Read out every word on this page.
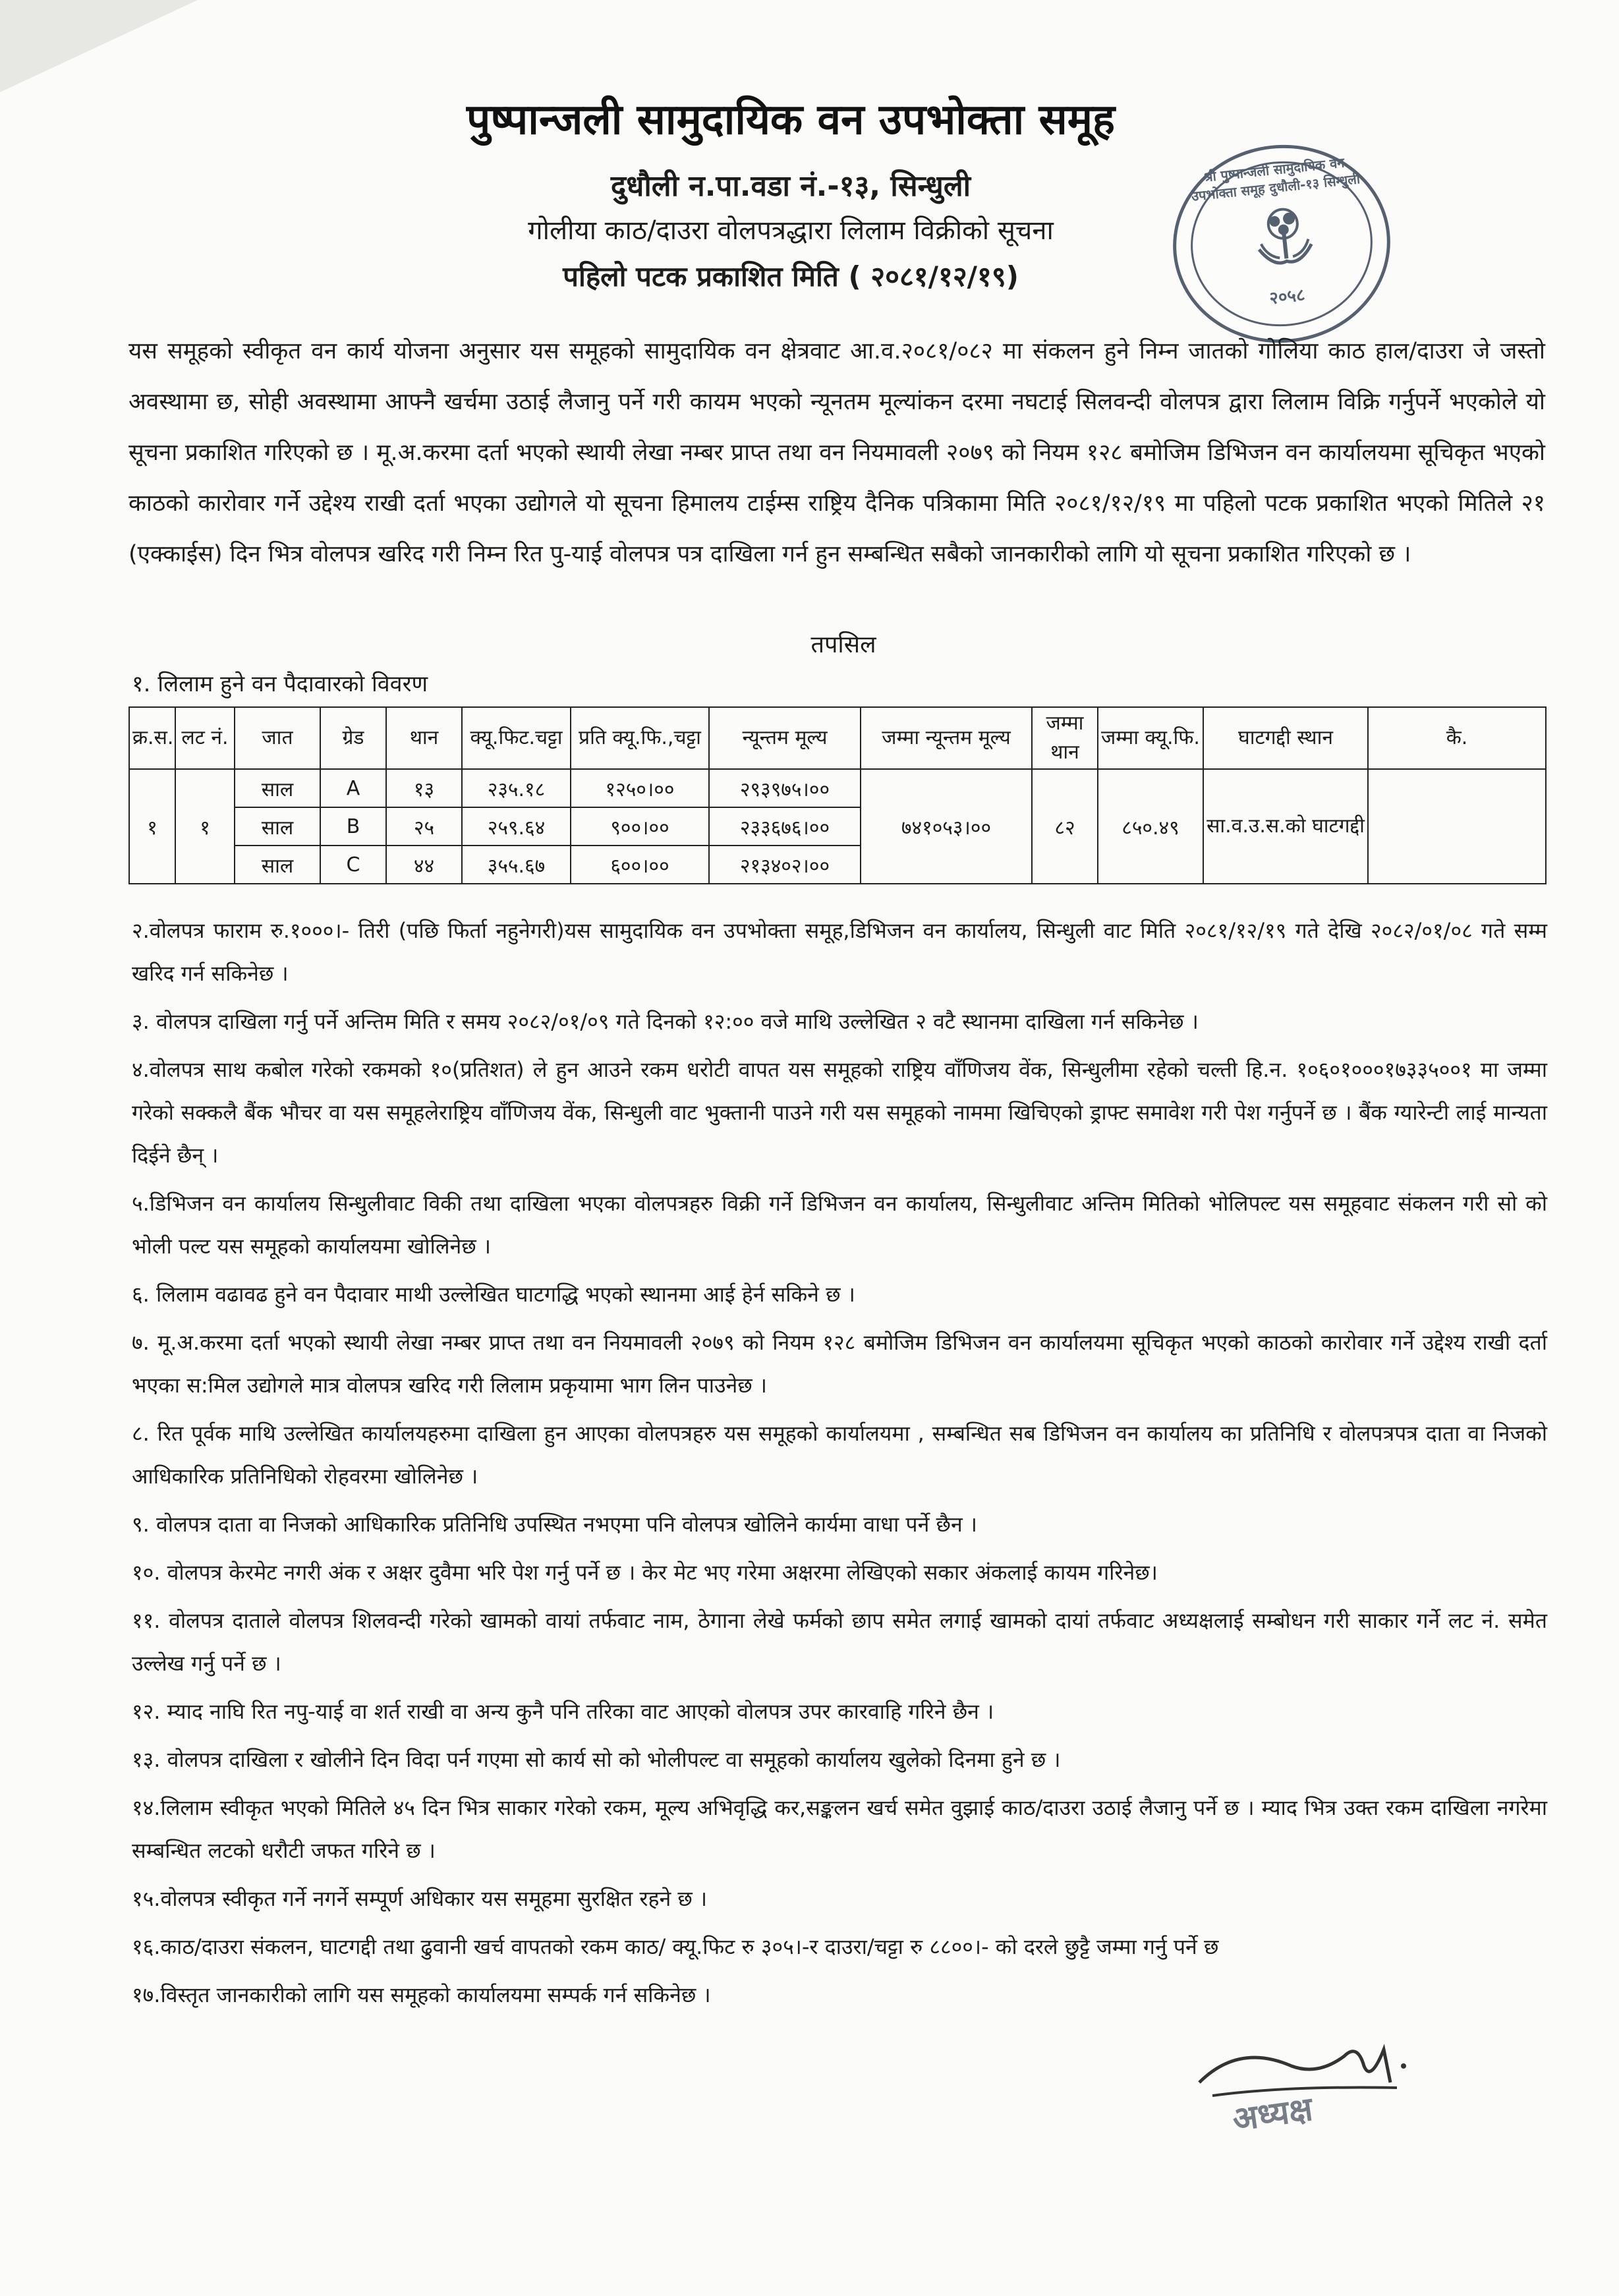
पुष्पान्जली सामुदायिक वन उपभोक्ता समूह
दुधौली न.पा.वडा नं.-१३, सिन्धुली
गोलीया काठ/दाउरा वोलपत्रद्धारा लिलाम विक्रीको सूचना
पहिलो पटक प्रकाशित मिति ( २०८१/१२/१९)
श्री पुष्पान्जली सामुदायिक वन उपभोक्ता समूह दुधौली-१३ सिन्धुली
२०५८

यस समूहको स्वीकृत वन कार्य योजना अनुसार यस समूहको सामुदायिक वन क्षेत्रवाट आ.व.२०८१/०८२ मा संकलन हुने निम्न जातको गोलिया काठ हाल/दाउरा जे जस्तो अवस्थामा छ, सोही अवस्थामा आफ्नै खर्चमा उठाई लैजानु पर्ने गरी कायम भएको न्यूनतम मूल्यांकन दरमा नघटाई सिलवन्दी वोलपत्र द्वारा लिलाम विक्रि गर्नुपर्ने भएकोले यो सूचना प्रकाशित गरिएको छ । मू.अ.करमा दर्ता भएको स्थायी लेखा नम्बर प्राप्त तथा वन नियमावली २०७९ को नियम १२८ बमोजिम डिभिजन वन कार्यालयमा सूचिकृत भएको काठको कारोवार गर्ने उद्देश्य राखी दर्ता भएका उद्योगले यो सूचना हिमालय टाईम्स राष्ट्रिय दैनिक पत्रिकामा मिति २०८१/१२/१९ मा पहिलो पटक प्रकाशित भएको मितिले २१ (एक्काईस) दिन भित्र वोलपत्र खरिद गरी निम्न रित पु-याई वोलपत्र पत्र दाखिला गर्न हुन सम्बन्धित सबैको जानकारीको लागि यो सूचना प्रकाशित गरिएको छ ।

तपसिल
१. लिलाम हुने वन पैदावारको विवरण
क्र.स.	लट नं.	जात	ग्रेड	थान	क्यू.फिट.चट्टा	प्रति क्यू.फि.,चट्टा	न्यून्तम मूल्य	जम्मा न्यून्तम मूल्य	जम्मा थान	जम्मा क्यू.फि.	घाटगद्दी स्थान	कै.
१	१	साल	A	१३	२३५.१८	१२५०।००	२९३९७५।००	७४१०५३।००	८२	८५०.४९	सा.व.उ.स.को घाटगद्दी	
		साल	B	२५	२५९.६४	९००।००	२३३६७६।००					
		साल	C	४४	३५५.६७	६००।००	२१३४०२।००					

२.वोलपत्र फाराम रु.१०००।- तिरी (पछि फिर्ता नहुनेगरी)यस सामुदायिक वन उपभोक्ता समूह,डिभिजन वन कार्यालय, सिन्धुली वाट मिति २०८१/१२/१९ गते देखि २०८२/०१/०८ गते सम्म खरिद गर्न सकिनेछ ।

३. वोलपत्र दाखिला गर्नु पर्ने अन्तिम मिति र समय २०८२/०१/०९ गते दिनको १२:०० वजे माथि उल्लेखित २ वटै स्थानमा दाखिला गर्न सकिनेछ ।

४.वोलपत्र साथ कबोल गरेको रकमको १०(प्रतिशत) ले हुन आउने रकम धरोटी वापत यस समूहको राष्ट्रिय वाँणिजय वेंक, सिन्धुलीमा रहेको चल्ती हि.न. १०६०१०००१७३३५००१ मा जम्मा गरेको सक्कलै बैंक भौचर वा यस समूहलेराष्ट्रिय वाँणिजय वेंक, सिन्धुली वाट भुक्तानी पाउने गरी यस समूहको नाममा खिचिएको ड्राफ्ट समावेश गरी पेश गर्नुपर्ने छ । बैंक ग्यारेन्टी लाई मान्यता दिईने छैन् ।

५.डिभिजन वन कार्यालय सिन्धुलीवाट विकी तथा दाखिला भएका वोलपत्रहरु विक्री गर्ने डिभिजन वन कार्यालय, सिन्धुलीवाट अन्तिम मितिको भोलिपल्ट यस समूहवाट संकलन गरी सो को भोली पल्ट यस समूहको कार्यालयमा खोलिनेछ ।

६. लिलाम वढावढ हुने वन पैदावार माथी उल्लेखित घाटगद्धि भएको स्थानमा आई हेर्न सकिने छ ।

७. मू.अ.करमा दर्ता भएको स्थायी लेखा नम्बर प्राप्त तथा वन नियमावली २०७९ को नियम १२८ बमोजिम डिभिजन वन कार्यालयमा सूचिकृत भएको काठको कारोवार गर्ने उद्देश्य राखी दर्ता भएका स:मिल उद्योगले मात्र वोलपत्र खरिद गरी लिलाम प्रकृयामा भाग लिन पाउनेछ ।

८. रित पूर्वक माथि उल्लेखित कार्यालयहरुमा दाखिला हुन आएका वोलपत्रहरु यस समूहको कार्यालयमा , सम्बन्धित सब डिभिजन वन कार्यालय का प्रतिनिधि र वोलपत्रपत्र दाता वा निजको आधिकारिक प्रतिनिधिको रोहवरमा खोलिनेछ ।

९. वोलपत्र दाता वा निजको आधिकारिक प्रतिनिधि उपस्थित नभएमा पनि वोलपत्र खोलिने कार्यमा वाधा पर्ने छैन ।

१०. वोलपत्र केरमेट नगरी अंक र अक्षर दुवैमा भरि पेश गर्नु पर्ने छ । केर मेट भए गरेमा अक्षरमा लेखिएको सकार अंकलाई कायम गरिनेछ।

११. वोलपत्र दाताले वोलपत्र शिलवन्दी गरेको खामको वायां तर्फवाट नाम, ठेगाना लेखे फर्मको छाप समेत लगाई खामको दायां तर्फवाट अध्यक्षलाई सम्बोधन गरी साकार गर्ने लट नं. समेत उल्लेख गर्नु पर्ने छ ।

१२. म्याद नाघि रित नपु-याई वा शर्त राखी वा अन्य कुनै पनि तरिका वाट आएको वोलपत्र उपर कारवाहि गरिने छैन ।

१३. वोलपत्र दाखिला र खोलीने दिन विदा पर्न गएमा सो कार्य सो को भोलीपल्ट वा समूहको कार्यालय खुलेको दिनमा हुने छ ।

१४.लिलाम स्वीकृत भएको मितिले ४५ दिन भित्र साकार गरेको रकम, मूल्य अभिवृद्धि कर,सङ्कलन खर्च समेत वुझाई काठ/दाउरा उठाई लैजानु पर्ने छ । म्याद भित्र उक्त रकम दाखिला नगरेमा सम्बन्धित लटको धरौटी जफत गरिने छ ।

१५.वोलपत्र स्वीकृत गर्ने नगर्ने सम्पूर्ण अधिकार यस समूहमा सुरक्षित रहने छ ।

१६.काठ/दाउरा संकलन, घाटगद्दी तथा ढुवानी खर्च वापतको रकम काठ/ क्यू.फिट रु ३०५।-र दाउरा/चट्टा रु ८८००।- को दरले छुट्टै जम्मा गर्नु पर्ने छ

१७.विस्तृत जानकारीको लागि यस समूहको कार्यालयमा सम्पर्क गर्न सकिनेछ ।

अध्यक्ष
